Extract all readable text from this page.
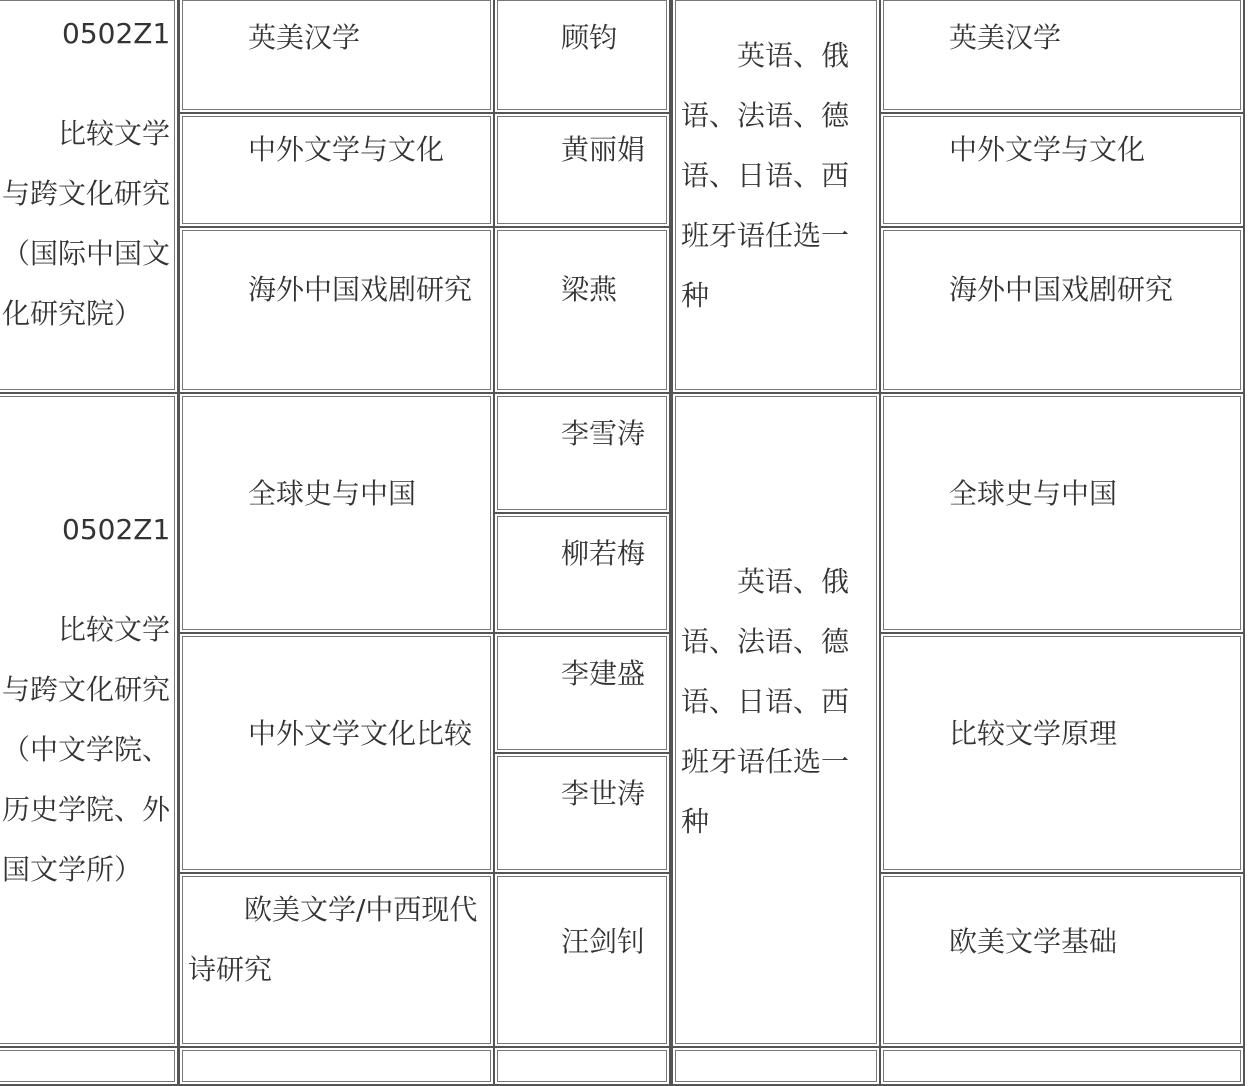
0502Z1
比较文学与跨文化研究（国际中国文化研究院）
英美汉学
中外文学与文化
海外中国戏剧研究
顾钧
黄丽娟
梁燕
英语、俄语、法语、德语、日语、西班牙语任选一种
英美汉学
中外文学与文化
海外中国戏剧研究
0502Z1
比较文学与跨文化研究（中文学院、历史学院、外国文学所）
全球史与中国
中外文学文化比较
欧美文学/中西现代诗研究
李雪涛
柳若梅
李建盛
李世涛
汪剑钊
英语、俄语、法语、德语、日语、西班牙语任选一种
全球史与中国
比较文学原理
欧美文学基础
